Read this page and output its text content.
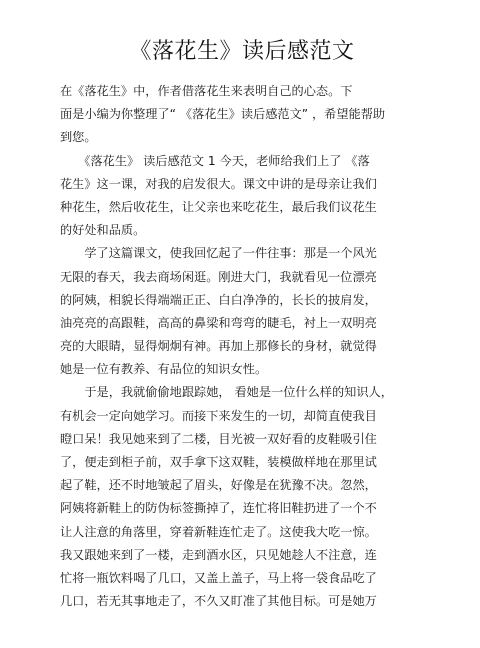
《落花生》读后感范文
在《落花生》中，作者借落花生来表明自己的心态。下
面是小编为你整理了“ 《落花生》读后感范文” ，希望能帮助
到您。
　　《落花生》 读后感范文 1 今天，老师给我们上了 《落
花生》这一课，对我的启发很大。课文中讲的是母亲让我们
种花生，然后收花生，让父亲也来吃花生，最后我们议花生
的好处和品质。
　　学了这篇课文，使我回忆起了一件往事：那是一个风光
无限的春天，我去商场闲逛。刚进大门，我就看见一位漂亮
的阿姨，相貌长得端端正正、白白净净的，长长的披肩发，
油亮亮的高跟鞋，高高的鼻梁和弯弯的睫毛，衬上一双明亮
亮的大眼睛，显得炯炯有神。再加上那修长的身材，就觉得
她是一位有教养、有品位的知识女性。
　　于是，我就偷偷地跟踪她， 看她是一位什么样的知识人，
有机会一定向她学习。而接下来发生的一切，却简直使我目
瞪口呆！我见她来到了二楼，目光被一双好看的皮鞋吸引住
了，便走到柜子前，双手拿下这双鞋，装模做样地在那里试
起了鞋，还不时地皱起了眉头，好像是在犹豫不决。忽然，
阿姨将新鞋上的防伪标签撕掉了，连忙将旧鞋扔进了一个不
让人注意的角落里，穿着新鞋连忙走了。这使我大吃一惊。
我又跟她来到了一楼，走到酒水区，只见她趁人不注意，连
忙将一瓶饮料喝了几口，又盖上盖子，马上将一袋食品吃了
几口，若无其事地走了，不久又盯准了其他目标。可是她万
